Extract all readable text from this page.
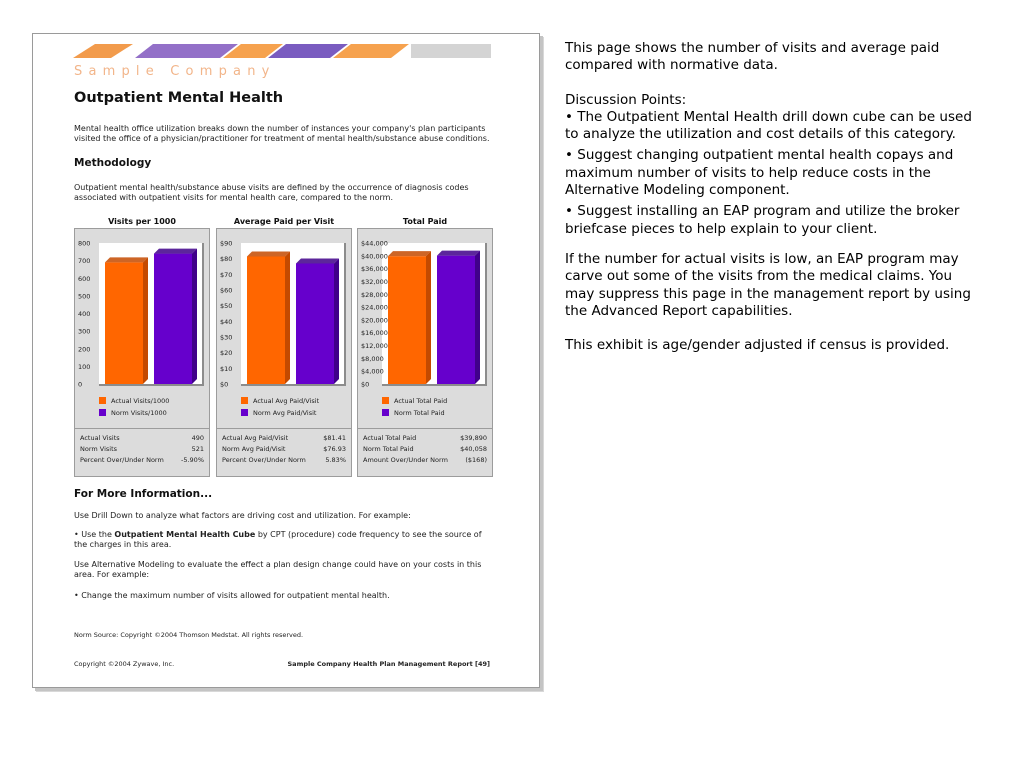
Sample Company
Outpatient Mental Health
Mental health office utilization breaks down the number of instances your company's plan participants visited the office of a physician/practitioner for treatment of mental health/substance abuse conditions.
Methodology
Outpatient mental health/substance abuse visits are defined by the occurrence of diagnosis codes associated with outpatient visits for mental health care, compared to the norm.
Visits per 1000
0
100
200
300
400
500
600
700
800
Actual Visits/1000
Norm Visits/1000
Actual Visits	490
Norm Visits	521
Percent Over/Under Norm	-5.90%
Average Paid per Visit
$0
$10
$20
$30
$40
$50
$60
$70
$80
$90
Actual Avg Paid/Visit
Norm Avg Paid/Visit
Actual Avg Paid/Visit	$81.41
Norm Avg Paid/Visit	$76.93
Percent Over/Under Norm	5.83%
Total Paid
$0
$4,000
$8,000
$12,000
$16,000
$20,000
$24,000
$28,000
$32,000
$36,000
$40,000
$44,000
Actual Total Paid
Norm Total Paid
Actual Total Paid	$39,890
Norm Total Paid	$40,058
Amount Over/Under Norm	($168)
For More Information...
Use Drill Down to analyze what factors are driving cost and utilization. For example:
• Use the Outpatient Mental Health Cube by CPT (procedure) code frequency to see the source of the charges in this area.
Use Alternative Modeling to evaluate the effect a plan design change could have on your costs in this area. For example:
• Change the maximum number of visits allowed for outpatient mental health.
Norm Source: Copyright ©2004 Thomson Medstat. All rights reserved.
Copyright ©2004 Zywave, Inc.	Sample Company Health Plan Management Report [49]

This page shows the number of visits and average paid compared with normative data.

Discussion Points:

• The Outpatient Mental Health drill down cube can be used to analyze the utilization and cost details of this category.

• Suggest changing outpatient mental health copays and maximum number of visits to help reduce costs in the Alternative Modeling component.

• Suggest installing an EAP program and utilize the broker briefcase pieces to help explain to your client.

If the number for actual visits is low, an EAP program may carve out some of the visits from the medical claims. You may suppress this page in the management report by using the Advanced Report capabilities.

This exhibit is age/gender adjusted if census is provided.
